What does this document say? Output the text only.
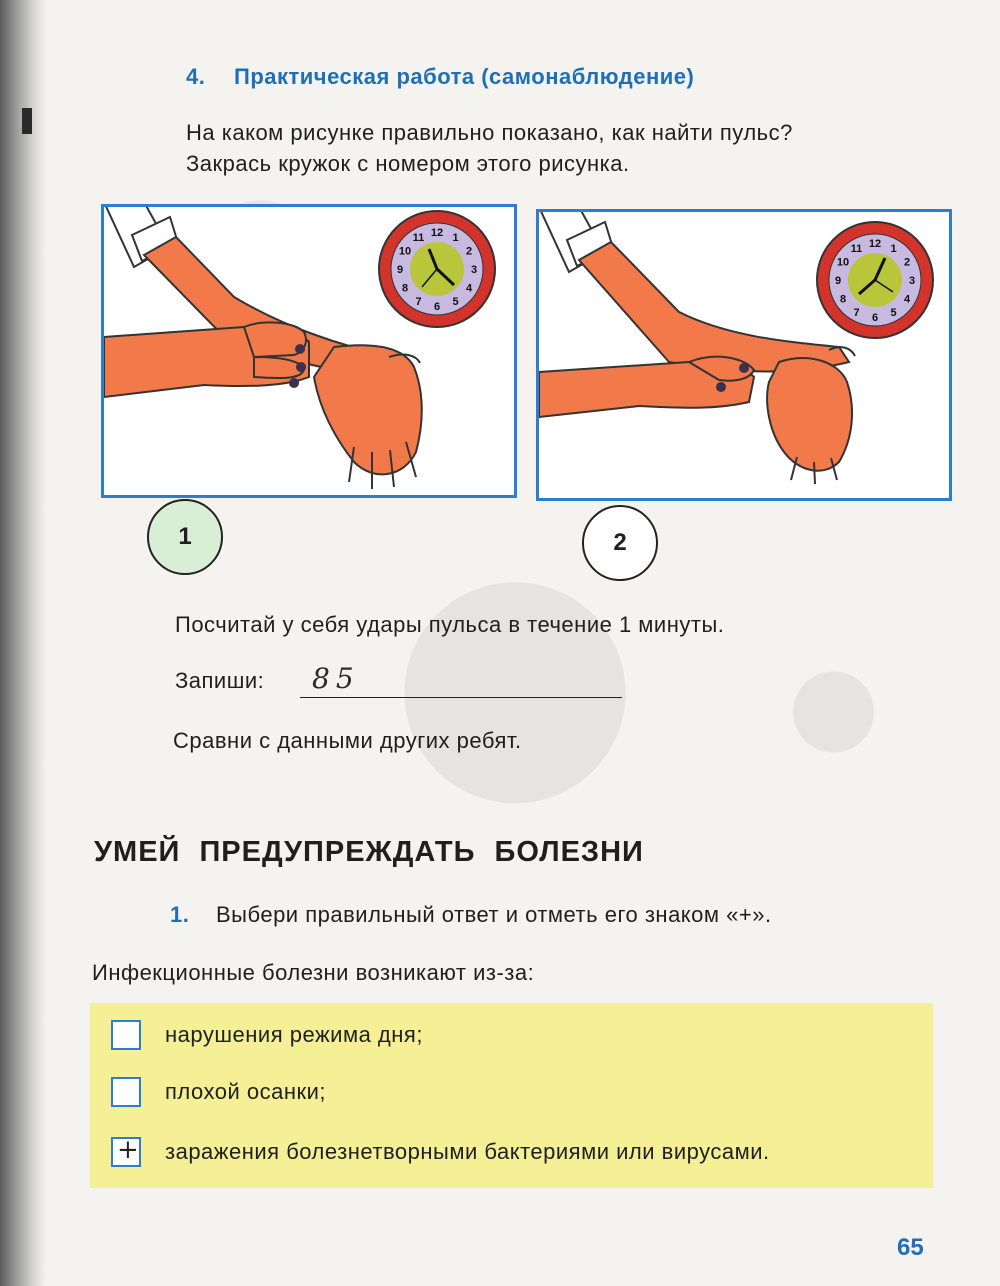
4. Практическая работа (самонаблюдение)
На каком рисунке правильно показано, как найти пульс?
Закрась кружок с номером этого рисунка.
12 1
2
3
4
5
6
7
8
9
10
11	12 1
2
3
4
5
6
7
8
9
10
11
1	2
Посчитай у себя удары пульса в течение 1 минуты.
Запиши: 85
Сравни с данными других ребят.
УМЕЙ ПРЕДУПРЕЖДАТЬ БОЛЕЗНИ
1. Выбери правильный ответ и отметь его знаком «+».
Инфекционные болезни возникают из-за:
нарушения режима дня;
плохой осанки;
+ заражения болезнетворными бактериями или вирусами.
65
